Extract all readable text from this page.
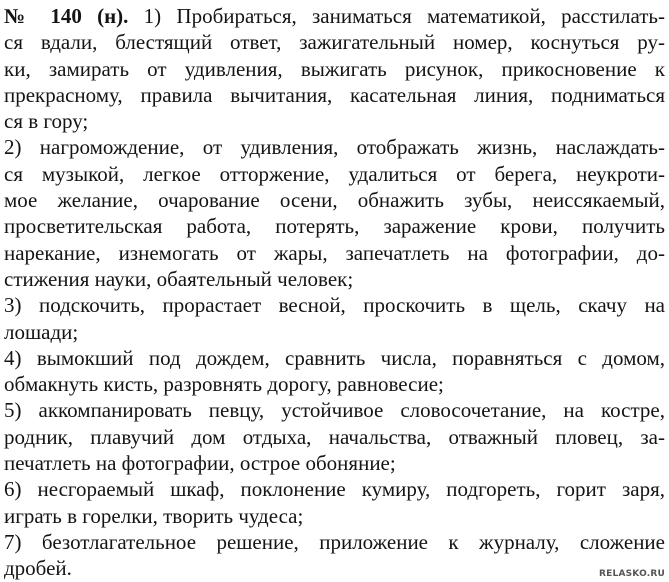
№ 140 (н). 1) Пробираться, заниматься математикой, расстилать-
ся вдали, блестящий ответ, зажигательный номер, коснуться ру-
ки, замирать от удивления, выжигать рисунок, прикосновение к
прекрасному, правила вычитания, касательная линия, подниматься
ся в гору;
2) нагромождение, от удивления, отображать жизнь, наслаждать-
ся музыкой, легкое отторжение, удалиться от берега, неукроти-
мое желание, очарование осени, обнажить зубы, неиссякаемый,
просветительская работа, потерять, заражение крови, получить
нарекание, изнемогать от жары, запечатлеть на фотографии, до-
стижения науки, обаятельный человек;
3) подскочить, прорастает весной, проскочить в щель, скачу на
лошади;
4) вымокший под дождем, сравнить числа, поравняться с домом,
обмакнуть кисть, разровнять дорогу, равновесие;
5) аккомпанировать певцу, устойчивое словосочетание, на костре,
родник, плавучий дом отдыха, начальства, отважный пловец, за-
печатлеть на фотографии, острое обоняние;
6) несгораемый шкаф, поклонение кумиру, подгореть, горит заря,
играть в горелки, творить чудеса;
7) безотлагательное решение, приложение к журналу, сложение
дробей.	RELASKO.RU
